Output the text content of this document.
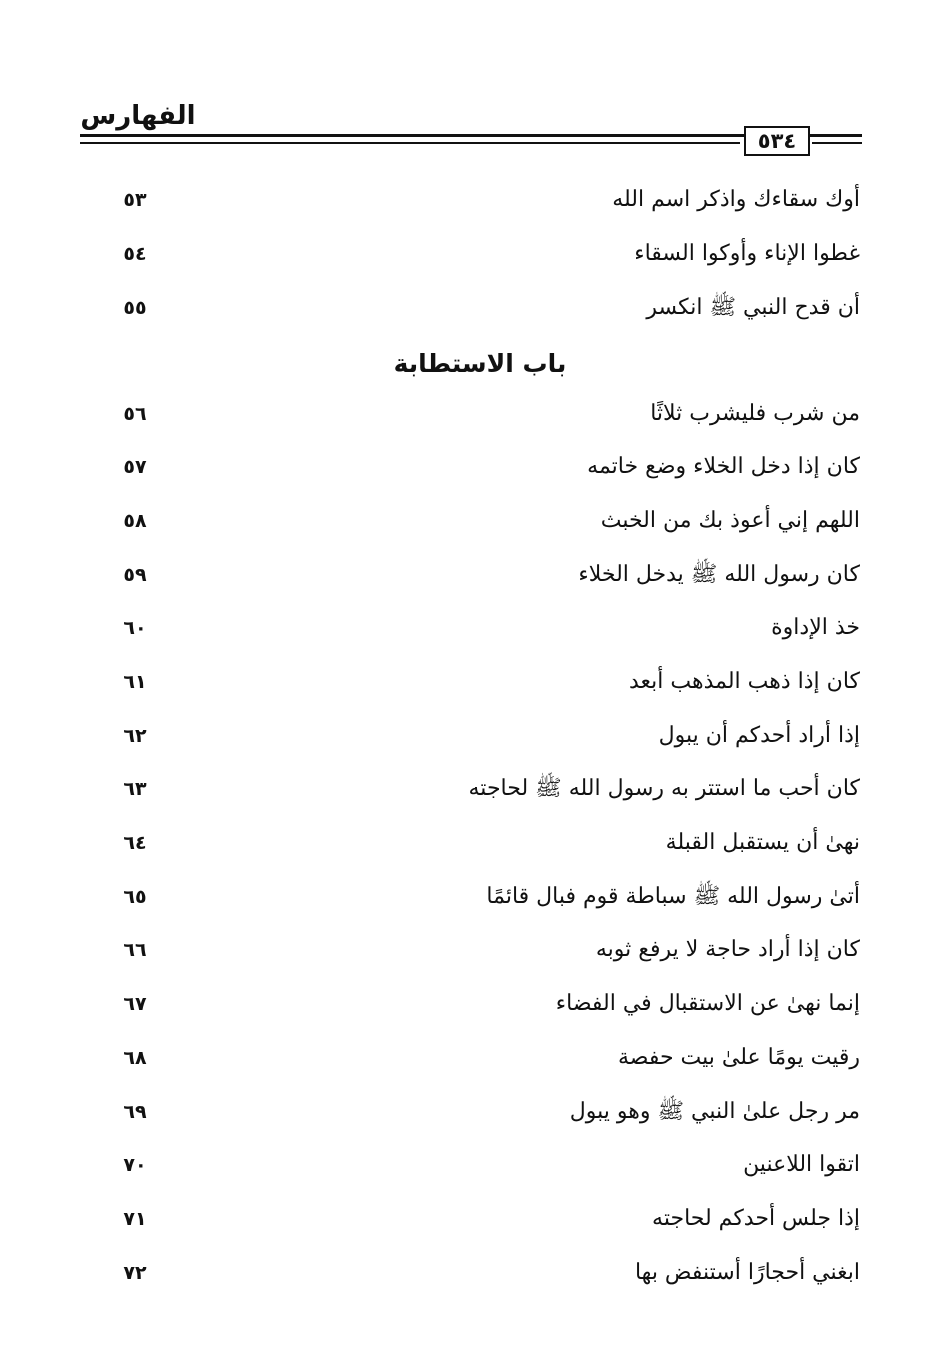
الفهارس
٥٣٤
أوك سقاءك واذكر اسم الله
٥٣
غطوا الإناء وأوكوا السقاء
٥٤
أن قدح النبي ﷺ انكسر
٥٥
باب الاستطابة
من شرب فليشرب ثلاثًا
٥٦
كان إذا دخل الخلاء وضع خاتمه
٥٧
اللهم إني أعوذ بك من الخبث
٥٨
كان رسول الله ﷺ يدخل الخلاء
٥٩
خذ الإداوة
٦٠
كان إذا ذهب المذهب أبعد
٦١
إذا أراد أحدكم أن يبول
٦٢
كان أحب ما استتر به رسول الله ﷺ لحاجته
٦٣
نهىٰ أن يستقبل القبلة
٦٤
أتىٰ رسول الله ﷺ سباطة قوم فبال قائمًا
٦٥
كان إذا أراد حاجة لا يرفع ثوبه
٦٦
إنما نهىٰ عن الاستقبال في الفضاء
٦٧
رقيت يومًا علىٰ بيت حفصة
٦٨
مر رجل علىٰ النبي ﷺ وهو يبول
٦٩
اتقوا اللاعنين
٧٠
إذا جلس أحدكم لحاجته
٧١
ابغني أحجارًا أستنفض بها
٧٢
